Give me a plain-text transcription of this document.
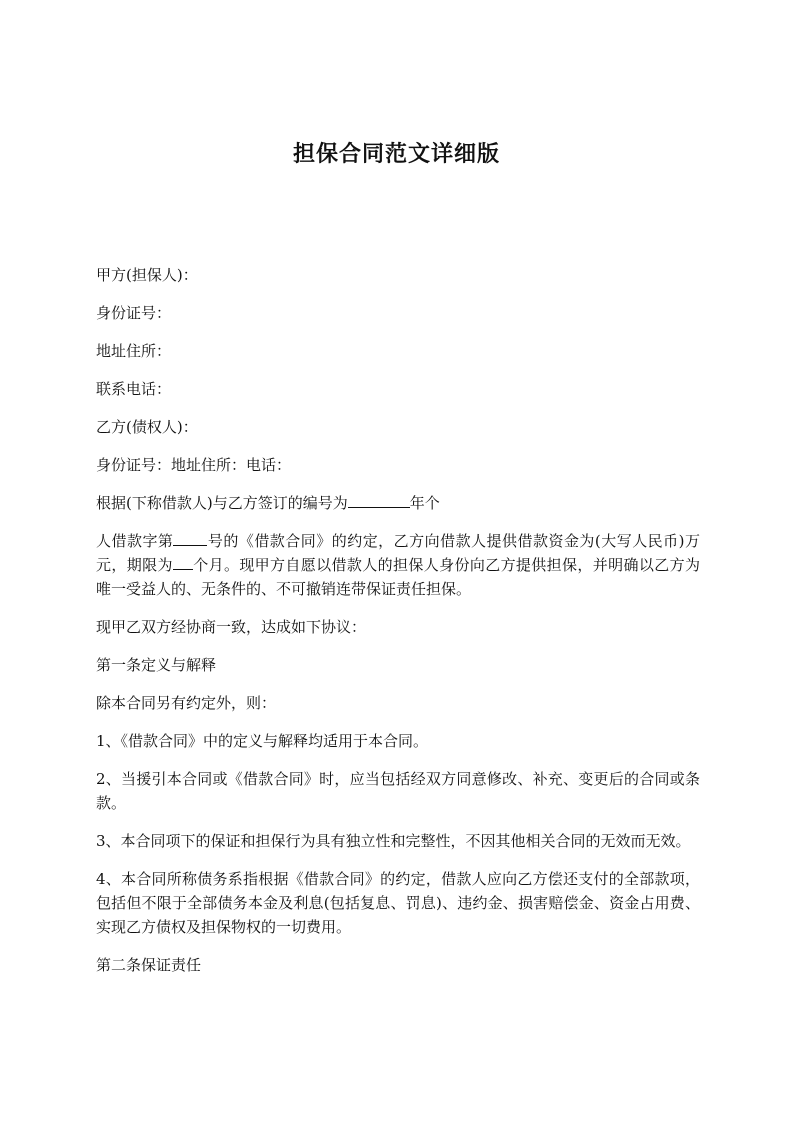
担保合同范文详细版

甲方(担保人)：

身份证号：

地址住所：

联系电话：

乙方(债权人)：

身份证号：地址住所：电话：

根据(下称借款人)与乙方签订的编号为	年个

人借款字第 号的《借款合同》的约定，乙方向借款人提供借款资金为(大写人民币)万元，期限为 个月。现甲方自愿以借款人的担保人身份向乙方提供担保，并明确以乙方为唯一受益人的、无条件的、不可撤销连带保证责任担保。

现甲乙双方经协商一致，达成如下协议：

第一条定义与解释

除本合同另有约定外，则：

1、《借款合同》中的定义与解释均适用于本合同。

2、当援引本合同或《借款合同》时，应当包括经双方同意修改、补充、变更后的合同或条款。

3、本合同项下的保证和担保行为具有独立性和完整性，不因其他相关合同的无效而无效。

4、本合同所称债务系指根据《借款合同》的约定，借款人应向乙方偿还支付的全部款项，包括但不限于全部债务本金及利息(包括复息、罚息)、违约金、损害赔偿金、资金占用费、实现乙方债权及担保物权的一切费用。

第二条保证责任
